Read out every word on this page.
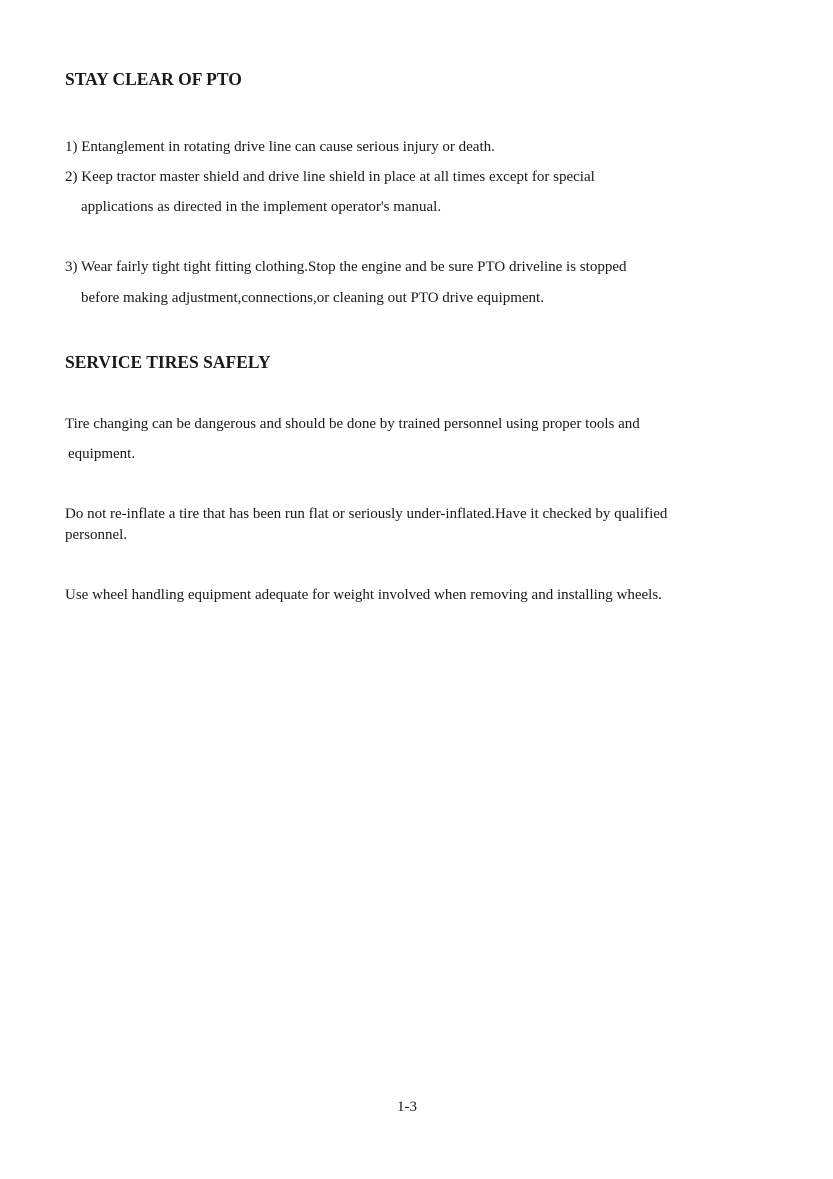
STAY CLEAR OF PTO

1) Entanglement in rotating drive line can cause serious injury or death.

2) Keep tractor master shield and drive line shield in place at all times except for special

applications as directed in the implement operator's manual.

3) Wear fairly tight tight fitting clothing.Stop the engine and be sure PTO driveline is stopped

before making adjustment,connections,or cleaning out PTO drive equipment.

SERVICE TIRES SAFELY

Tire changing can be dangerous and should be done by trained personnel using proper tools and

equipment.

Do not re-inflate a tire that has been run flat or seriously under-inflated.Have it checked by qualified

personnel.

Use wheel handling equipment adequate for weight involved when removing and installing wheels.

1-3
